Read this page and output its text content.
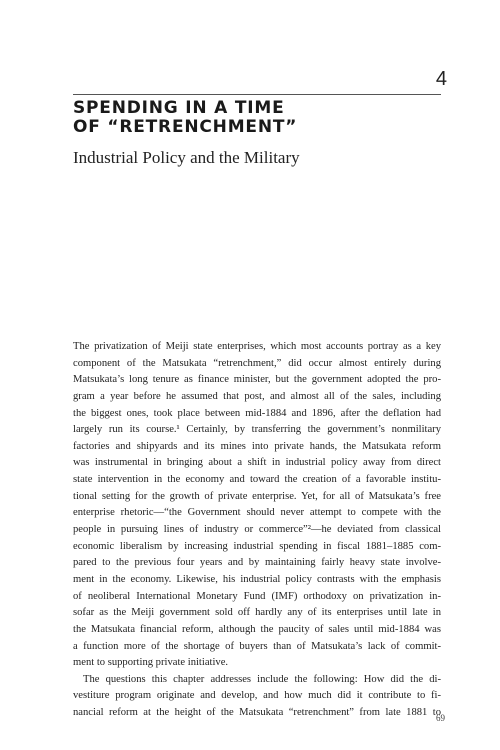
4
SPENDING IN A TIME
OF “RETRENCHMENT”
Industrial Policy and the Military
The privatization of Meiji state enterprises, which most accounts portray as a key
component of the Matsukata “retrenchment,” did occur almost entirely during
Matsukata’s long tenure as finance minister, but the government adopted the pro-
gram a year before he assumed that post, and almost all of the sales, including
the biggest ones, took place between mid-1884 and 1896, after the deflation had
largely run its course.¹ Certainly, by transferring the government’s nonmilitary
factories and shipyards and its mines into private hands, the Matsukata reform
was instrumental in bringing about a shift in industrial policy away from direct
state intervention in the economy and toward the creation of a favorable institu-
tional setting for the growth of private enterprise. Yet, for all of Matsukata’s free
enterprise rhetoric—“the Government should never attempt to compete with the
people in pursuing lines of industry or commerce”²—he deviated from classical
economic liberalism by increasing industrial spending in fiscal 1881–1885 com-
pared to the previous four years and by maintaining fairly heavy state involve-
ment in the economy. Likewise, his industrial policy contrasts with the emphasis
of neoliberal International Monetary Fund (IMF) orthodoxy on privatization in-
sofar as the Meiji government sold off hardly any of its enterprises until late in
the Matsukata financial reform, although the paucity of sales until mid-1884 was
a function more of the shortage of buyers than of Matsukata’s lack of commit-
ment to supporting private initiative.
The questions this chapter addresses include the following: How did the di-
vestiture program originate and develop, and how much did it contribute to fi-
nancial reform at the height of the Matsukata “retrenchment” from late 1881 to
69
